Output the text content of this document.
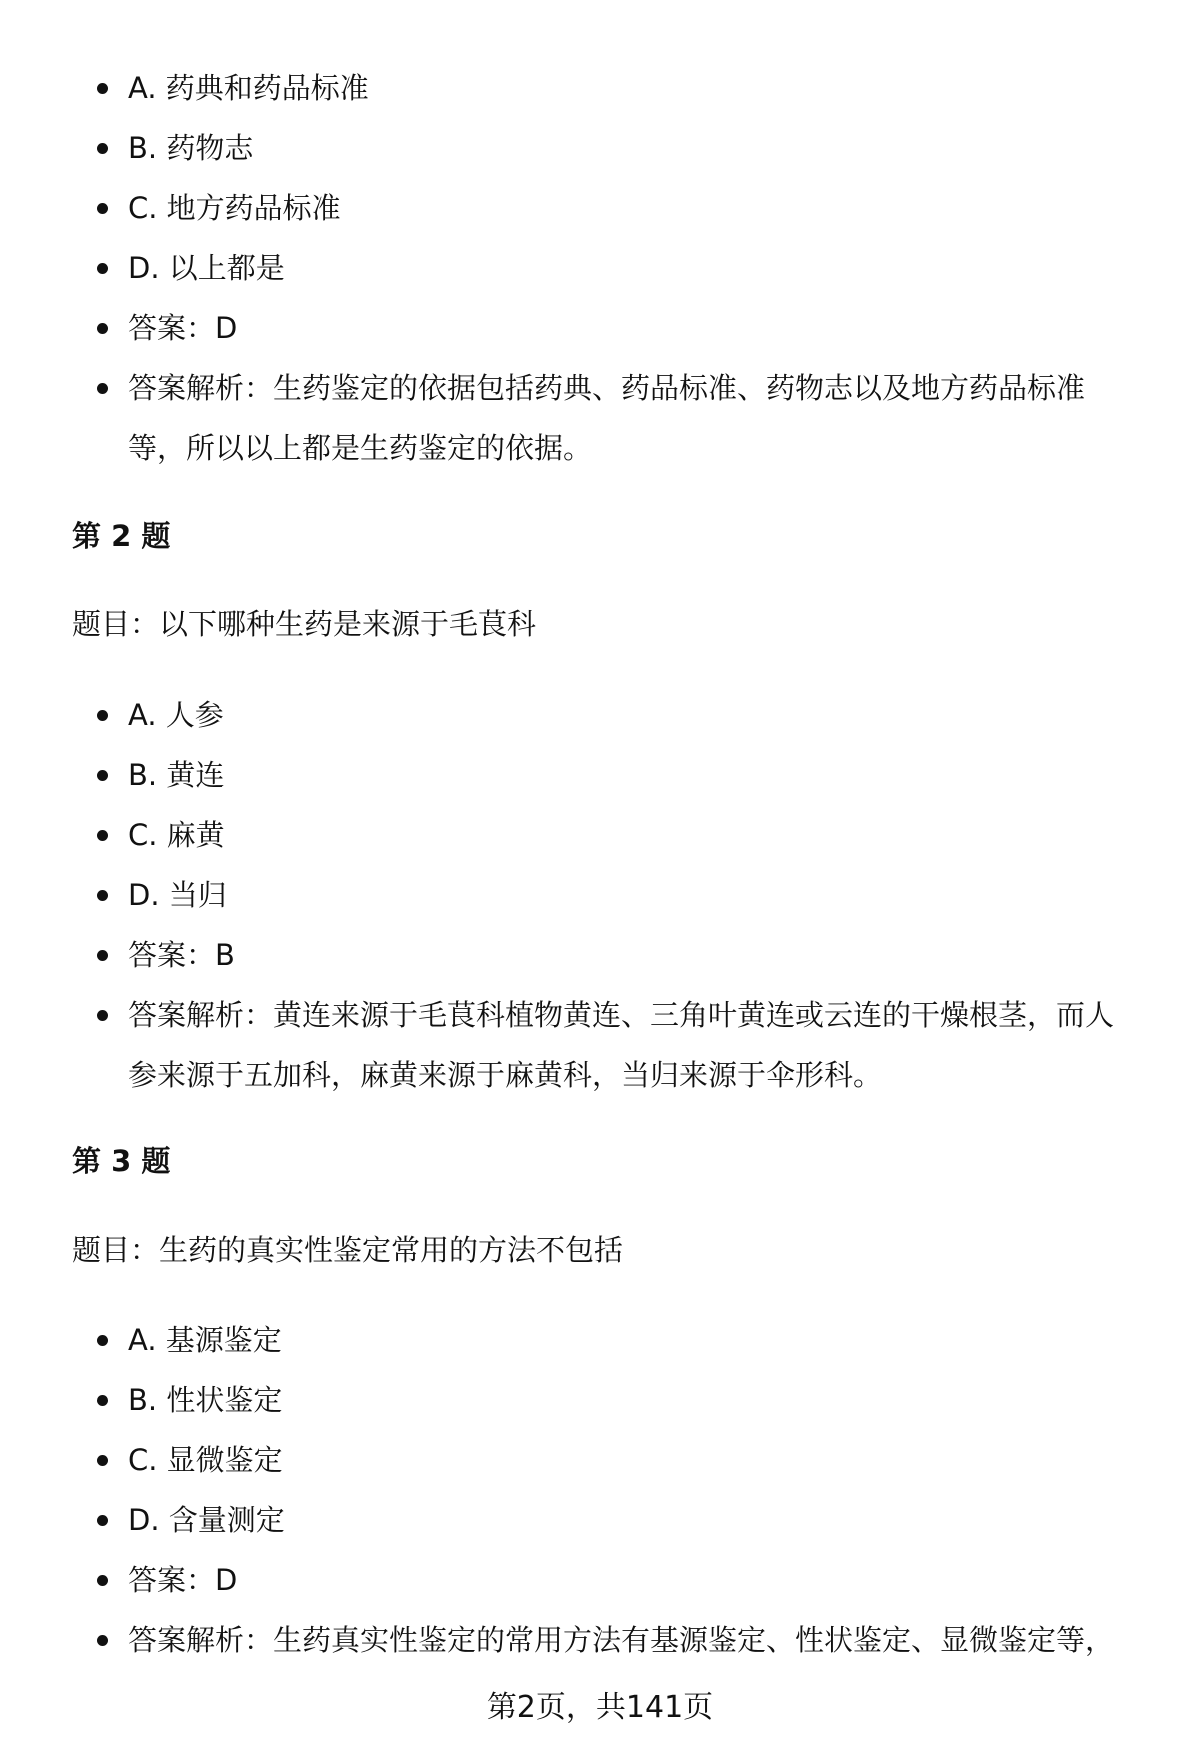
A. 药典和药品标准
B. 药物志
C. 地方药品标准
D. 以上都是
答案：D
答案解析：生药鉴定的依据包括药典、药品标准、药物志以及地方药品标准等，所以以上都是生药鉴定的依据。
第 2 题
题目：以下哪种生药是来源于毛茛科
A. 人参
B. 黄连
C. 麻黄
D. 当归
答案：B
答案解析：黄连来源于毛茛科植物黄连、三角叶黄连或云连的干燥根茎，而人参来源于五加科，麻黄来源于麻黄科，当归来源于伞形科。
第 3 题
题目：生药的真实性鉴定常用的方法不包括
A. 基源鉴定
B. 性状鉴定
C. 显微鉴定
D. 含量测定
答案：D
答案解析：生药真实性鉴定的常用方法有基源鉴定、性状鉴定、显微鉴定等，
第2页，共141页
